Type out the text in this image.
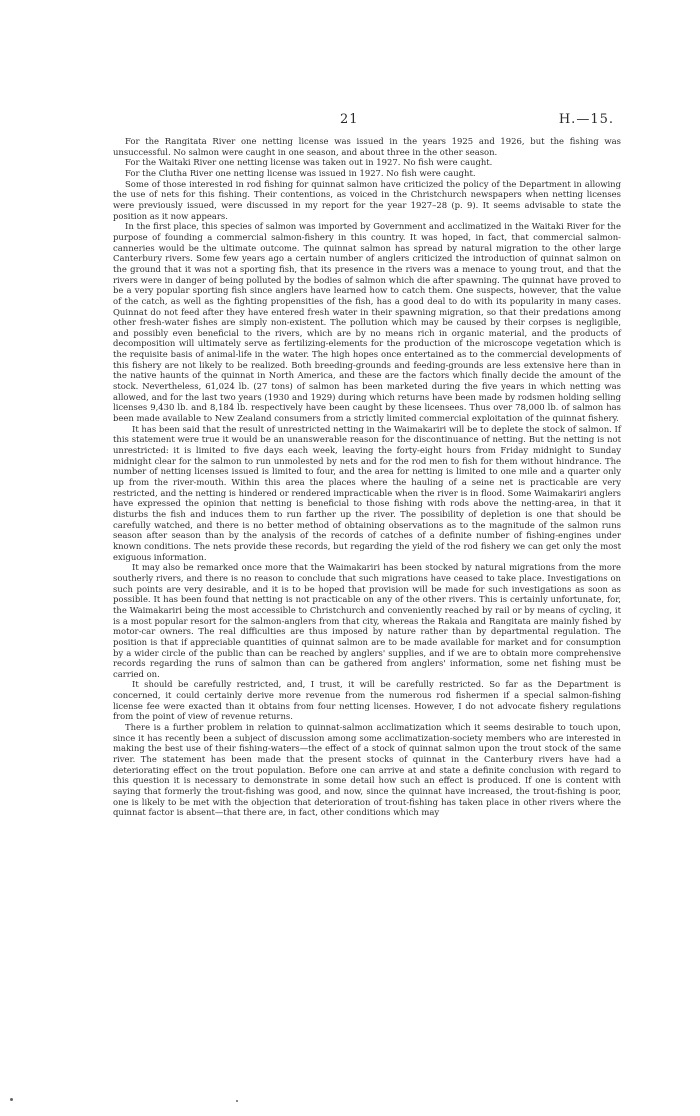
21	H.—15.

For the Rangitata River one netting license was issued in the years 1925 and 1926, but the fishing was unsuccessful. No salmon were caught in one season, and about three in the other season.

For the Waitaki River one netting license was taken out in 1927. No fish were caught.

For the Clutha River one netting license was issued in 1927. No fish were caught.

Some of those interested in rod fishing for quinnat salmon have criticized the policy of the Department in allowing the use of nets for this fishing. Their contentions, as voiced in the Christchurch newspapers when netting licenses were previously issued, were discussed in my report for the year 1927–28 (p. 9). It seems advisable to state the position as it now appears.

In the first place, this species of salmon was imported by Government and acclimatized in the Waitaki River for the purpose of founding a commercial salmon-fishery in this country. It was hoped, in fact, that commercial salmon-canneries would be the ultimate outcome. The quinnat salmon has spread by natural migration to the other large Canterbury rivers. Some few years ago a certain number of anglers criticized the introduction of quinnat salmon on the ground that it was not a sporting fish, that its presence in the rivers was a menace to young trout, and that the rivers were in danger of being polluted by the bodies of salmon which die after spawning. The quinnat have proved to be a very popular sporting fish since anglers have learned how to catch them. One suspects, however, that the value of the catch, as well as the fighting propensities of the fish, has a good deal to do with its popularity in many cases. Quinnat do not feed after they have entered fresh water in their spawning migration, so that their predations among other fresh-water fishes are simply non-existent. The pollution which may be caused by their corpses is negligible, and possibly even beneficial to the rivers, which are by no means rich in organic material, and the products of decomposition will ultimately serve as fertilizing-elements for the production of the microscope vegetation which is the requisite basis of animal-life in the water. The high hopes once entertained as to the commercial developments of this fishery are not likely to be realized. Both breeding-grounds and feeding-grounds are less extensive here than in the native haunts of the quinnat in North America, and these are the factors which finally decide the amount of the stock. Nevertheless, 61,024 lb. (27 tons) of salmon has been marketed during the five years in which netting was allowed, and for the last two years (1930 and 1929) during which returns have been made by rodsmen holding selling licenses 9,430 lb. and 8,184 lb. respectively have been caught by these licensees. Thus over 78,000 lb. of salmon has been made available to New Zealand consumers from a strictly limited commercial exploitation of the quinnat fishery.

It has been said that the result of unrestricted netting in the Waimakariri will be to deplete the stock of salmon. If this statement were true it would be an unanswerable reason for the discontinuance of netting. But the netting is not unrestricted: it is limited to five days each week, leaving the forty-eight hours from Friday midnight to Sunday midnight clear for the salmon to run unmolested by nets and for the rod men to fish for them without hindrance. The number of netting licenses issued is limited to four, and the area for netting is limited to one mile and a quarter only up from the river-mouth. Within this area the places where the hauling of a seine net is practicable are very restricted, and the netting is hindered or rendered impracticable when the river is in flood. Some Waimakariri anglers have expressed the opinion that netting is beneficial to those fishing with rods above the netting-area, in that it disturbs the fish and induces them to run farther up the river. The possibility of depletion is one that should be carefully watched, and there is no better method of obtaining observations as to the magnitude of the salmon runs season after season than by the analysis of the records of catches of a definite number of fishing-engines under known conditions. The nets provide these records, but regarding the yield of the rod fishery we can get only the most exiguous information.

It may also be remarked once more that the Waimakariri has been stocked by natural migrations from the more southerly rivers, and there is no reason to conclude that such migrations have ceased to take place. Investigations on such points are very desirable, and it is to be hoped that provision will be made for such investigations as soon as possible. It has been found that netting is not practicable on any of the other rivers. This is certainly unfortunate, for, the Waimakariri being the most accessible to Christchurch and conveniently reached by rail or by means of cycling, it is a most popular resort for the salmon-anglers from that city, whereas the Rakaia and Rangitata are mainly fished by motor-car owners. The real difficulties are thus imposed by nature rather than by departmental regulation. The position is that if appreciable quantities of quinnat salmon are to be made available for market and for consumption by a wider circle of the public than can be reached by anglers' supplies, and if we are to obtain more comprehensive records regarding the runs of salmon than can be gathered from anglers' information, some net fishing must be carried on.

It should be carefully restricted, and, I trust, it will be carefully restricted. So far as the Department is concerned, it could certainly derive more revenue from the numerous rod fishermen if a special salmon-fishing license fee were exacted than it obtains from four netting licenses. However, I do not advocate fishery regulations from the point of view of revenue returns.

There is a further problem in relation to quinnat-salmon acclimatization which it seems desirable to touch upon, since it has recently been a subject of discussion among some acclimatization-society members who are interested in making the best use of their fishing-waters—the effect of a stock of quinnat salmon upon the trout stock of the same river. The statement has been made that the present stocks of quinnat in the Canterbury rivers have had a deteriorating effect on the trout population. Before one can arrive at and state a definite conclusion with regard to this question it is necessary to demonstrate in some detail how such an effect is produced. If one is content with saying that formerly the trout-fishing was good, and now, since the quinnat have increased, the trout-fishing is poor, one is likely to be met with the objection that deterioration of trout-fishing has taken place in other rivers where the quinnat factor is absent—that there are, in fact, other conditions which may
